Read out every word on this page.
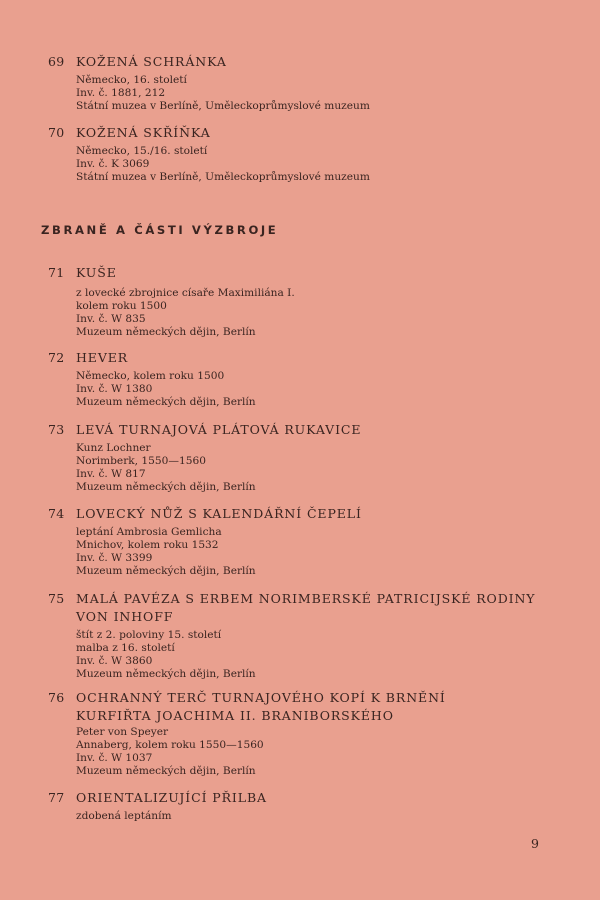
69 KOŽENÁ SCHRÁNKA
Německo, 16. století
Inv. č. 1881, 212
Státní muzea v Berlíně, Uměleckoprůmyslové muzeum
70 KOŽENÁ SKŘÍŇKA
Německo, 15./16. století
Inv. č. K 3069
Státní muzea v Berlíně, Uměleckoprůmyslové muzeum
ZBRANĚ A ČÁSTI VÝZBROJE
71 KUŠE
z lovecké zbrojnice císaře Maximiliána I.
kolem roku 1500
Inv. č. W 835
Muzeum německých dějin, Berlín
72 HEVER
Německo, kolem roku 1500
Inv. č. W 1380
Muzeum německých dějin, Berlín
73 LEVÁ TURNAJOVÁ PLÁTOVÁ RUKAVICE
Kunz Lochner
Norimberk, 1550—1560
Inv. č. W 817
Muzeum německých dějin, Berlín
74 LOVECKÝ NŮŽ S KALENDÁŘNÍ ČEPELÍ
leptání Ambrosia Gemlicha
Mnichov, kolem roku 1532
Inv. č. W 3399
Muzeum německých dějin, Berlín
75 MALÁ PAVÉZA S ERBEM NORIMBERSKÉ PATRICIJSKÉ RODINY
VON INHOFF
štít z 2. poloviny 15. století
malba z 16. století
Inv. č. W 3860
Muzeum německých dějin, Berlín
76 OCHRANNÝ TERČ TURNAJOVÉHO KOPÍ K BRNĚNÍ
KURFIŘTA JOACHIMA II. BRANIBORSKÉHO
Peter von Speyer
Annaberg, kolem roku 1550—1560
Inv. č. W 1037
Muzeum německých dějin, Berlín
77 ORIENTALIZUJÍCÍ PŘILBA
zdobená leptáním
9
